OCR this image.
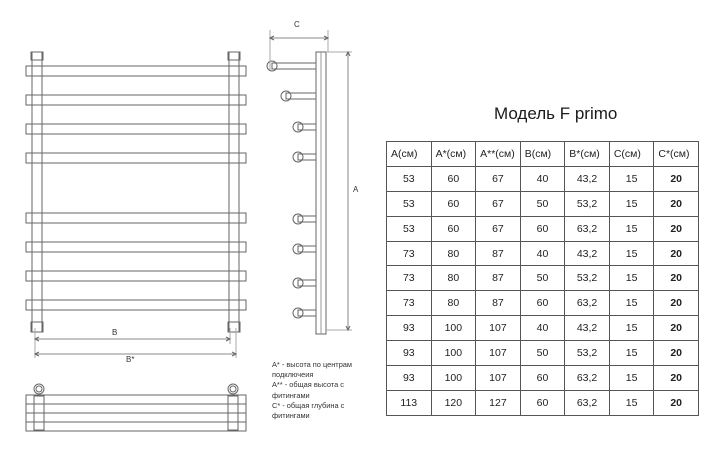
C
A
B
B*
Модель F primo
A(см)	A*(см)	A**(см)	B(см)	B*(см)	C(см)	C*(см)
53	60	67	40	43,2	15	20
53	60	67	50	53,2	15	20
53	60	67	60	63,2	15	20
73	80	87	40	43,2	15	20
73	80	87	50	53,2	15	20
73	80	87	60	63,2	15	20
93	100	107	40	43,2	15	20
93	100	107	50	53,2	15	20
93	100	107	60	63,2	15	20
113	120	127	60	63,2	15	20
A* - высота по центрам
подключеия
A** - общая высота с
фитингами
C* - общая глубина с
фитингами
